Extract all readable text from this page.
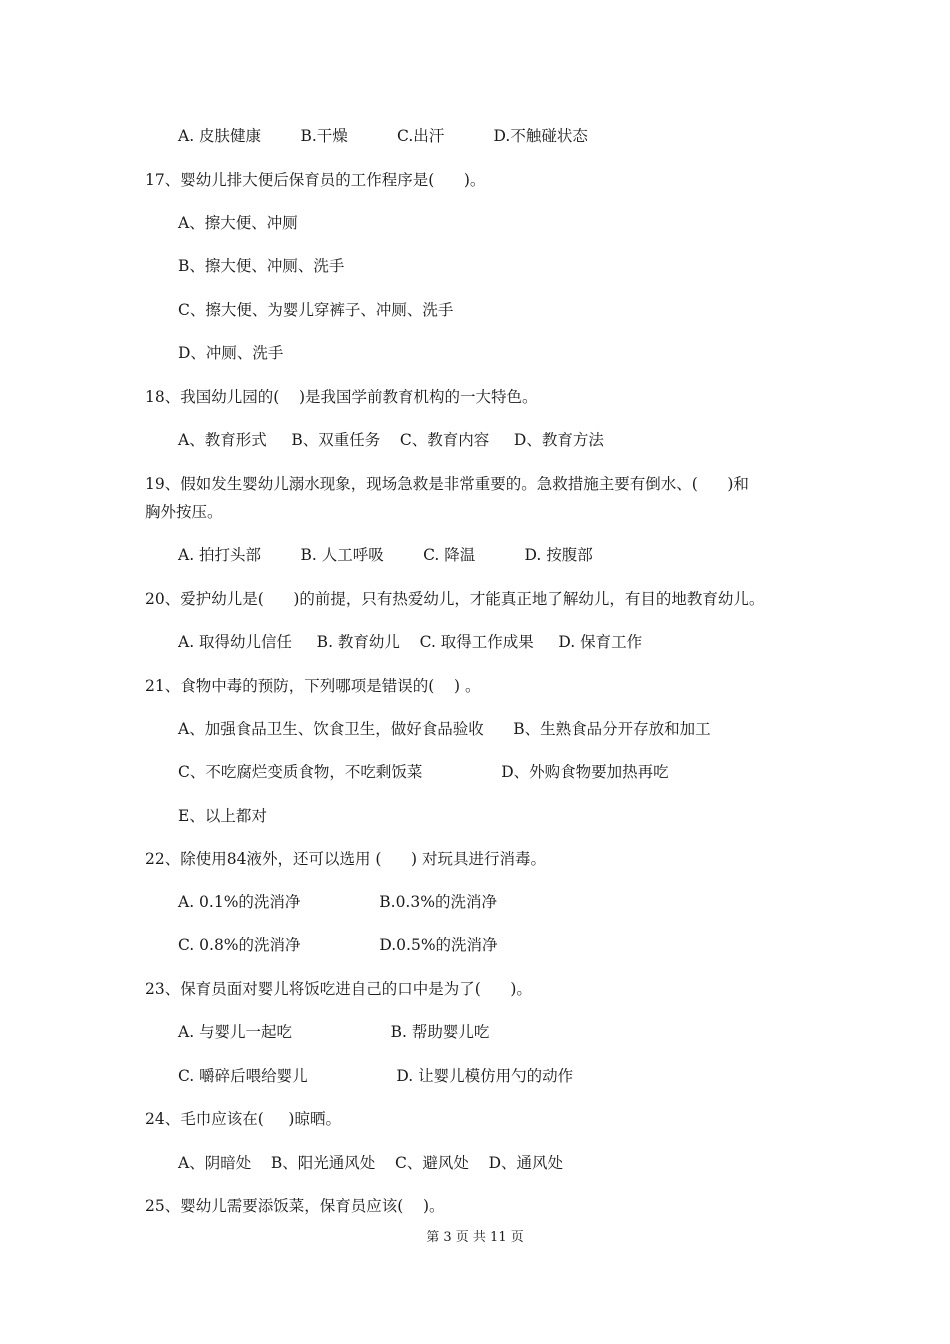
A. 皮肤健康        B.干燥          C.出汗          D.不触碰状态
17、婴幼儿排大便后保育员的工作程序是(      )。
A、擦大便、冲厕
B、擦大便、冲厕、洗手
C、擦大便、为婴儿穿裤子、冲厕、洗手
D、冲厕、洗手
18、我国幼儿园的(    )是我国学前教育机构的一大特色。
A、教育形式     B、双重任务    C、教育内容     D、教育方法
19、假如发生婴幼儿溺水现象，现场急救是非常重要的。急救措施主要有倒水、(      )和
胸外按压。
A. 拍打头部        B. 人工呼吸        C. 降温          D. 按腹部
20、爱护幼儿是(      )的前提，只有热爱幼儿，才能真正地了解幼儿，有目的地教育幼儿。
A. 取得幼儿信任     B. 教育幼儿    C. 取得工作成果     D. 保育工作
21、食物中毒的预防，下列哪项是错误的(    ) 。
A、加强食品卫生、饮食卫生，做好食品验收      B、生熟食品分开存放和加工
C、不吃腐烂变质食物，不吃剩饭菜                D、外购食物要加热再吃
E、以上都对
22、除使用84液外，还可以选用 (      ) 对玩具进行消毒。
A. 0.1%的洗消净                B.0.3%的洗消净
C. 0.8%的洗消净                D.0.5%的洗消净
23、保育员面对婴儿将饭吃进自己的口中是为了(      )。
A. 与婴儿一起吃                    B. 帮助婴儿吃
C. 嚼碎后喂给婴儿                  D. 让婴儿模仿用勺的动作
24、毛巾应该在(     )晾晒。
A、阴暗处    B、阳光通风处    C、避风处    D、通风处
25、婴幼儿需要添饭菜，保育员应该(    )。
第 3 页 共 11 页
